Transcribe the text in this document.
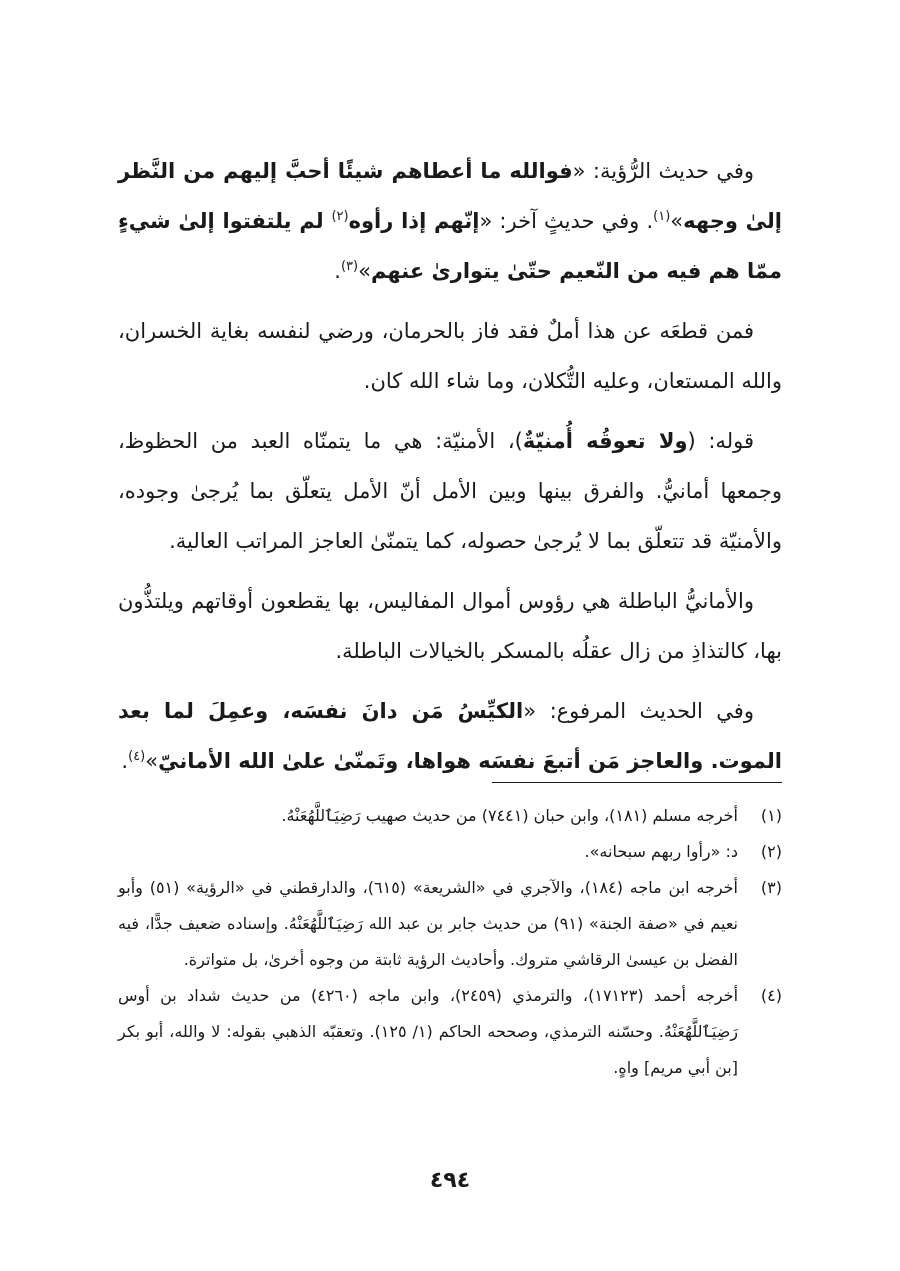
وفي حديث الرُّؤية: «فوالله ما أعطاهم شيئًا أحبَّ إليهم من النَّظر إلىٰ وجهه»$^{(١)}$. وفي حديثٍ آخر: «إنّهم إذا رأوه$^{(٢)}$ لم يلتفتوا إلىٰ شيءٍ ممّا هم فيه من النّعيم حتّىٰ يتوارىٰ عنهم»$^{(٣)}$.

فمن قطعَه عن هذا أملٌ فقد فاز بالحرمان، ورضي لنفسه بغاية الخسران، والله المستعان، وعليه التُّكلان، وما شاء الله كان.

قوله: (ولا تعوقُه أُمنيّةٌ)، الأمنيّة: هي ما يتمنّاه العبد من الحظوظ، وجمعها أمانيُّ. والفرق بينها وبين الأمل أنّ الأمل يتعلّق بما يُرجىٰ وجوده، والأمنيّة قد تتعلّق بما لا يُرجىٰ حصوله، كما يتمنّىٰ العاجز المراتب العالية.

والأمانيُّ الباطلة هي رؤوس أموال المفاليس، بها يقطعون أوقاتهم ويلتذُّون بها، كالتذاذِ من زال عقلُه بالمسكر بالخيالات الباطلة.

وفي الحديث المرفوع: «الكيِّسُ مَن دانَ نفسَه، وعمِلَ لما بعد الموت. والعاجز مَن أتبعَ نفسَه هواها، وتَمنّىٰ علىٰ الله الأمانيّ»$^{(٤)}$.

(١)
أخرجه مسلم (١٨١)، وابن حبان (٧٤٤١) من حديث صهيب رَضِيَٱللَّهُعَنْهُ.
(٢)
د: «رأوا ربهم سبحانه».
(٣)
أخرجه ابن ماجه (١٨٤)، والآجري في «الشريعة» (٦١٥)، والدارقطني في «الرؤية» (٥١) وأبو نعيم في «صفة الجنة» (٩١) من حديث جابر بن عبد الله رَضِيَٱللَّهُعَنْهُ. وإسناده ضعيف جدًّا، فيه الفضل بن عيسىٰ الرقاشي متروك. وأحاديث الرؤية ثابتة من وجوه أخرىٰ، بل متواترة.
(٤)
أخرجه أحمد (١٧١٢٣)، والترمذي (٢٤٥٩)، وابن ماجه (٤٢٦٠) من حديث شداد بن أوس رَضِيَٱللَّهُعَنْهُ. وحسّنه الترمذي، وصححه الحاكم (١/ ١٢٥). وتعقبّه الذهبي بقوله: لا والله، أبو بكر [بن أبي مريم] واهٍ.
٤٩٤
